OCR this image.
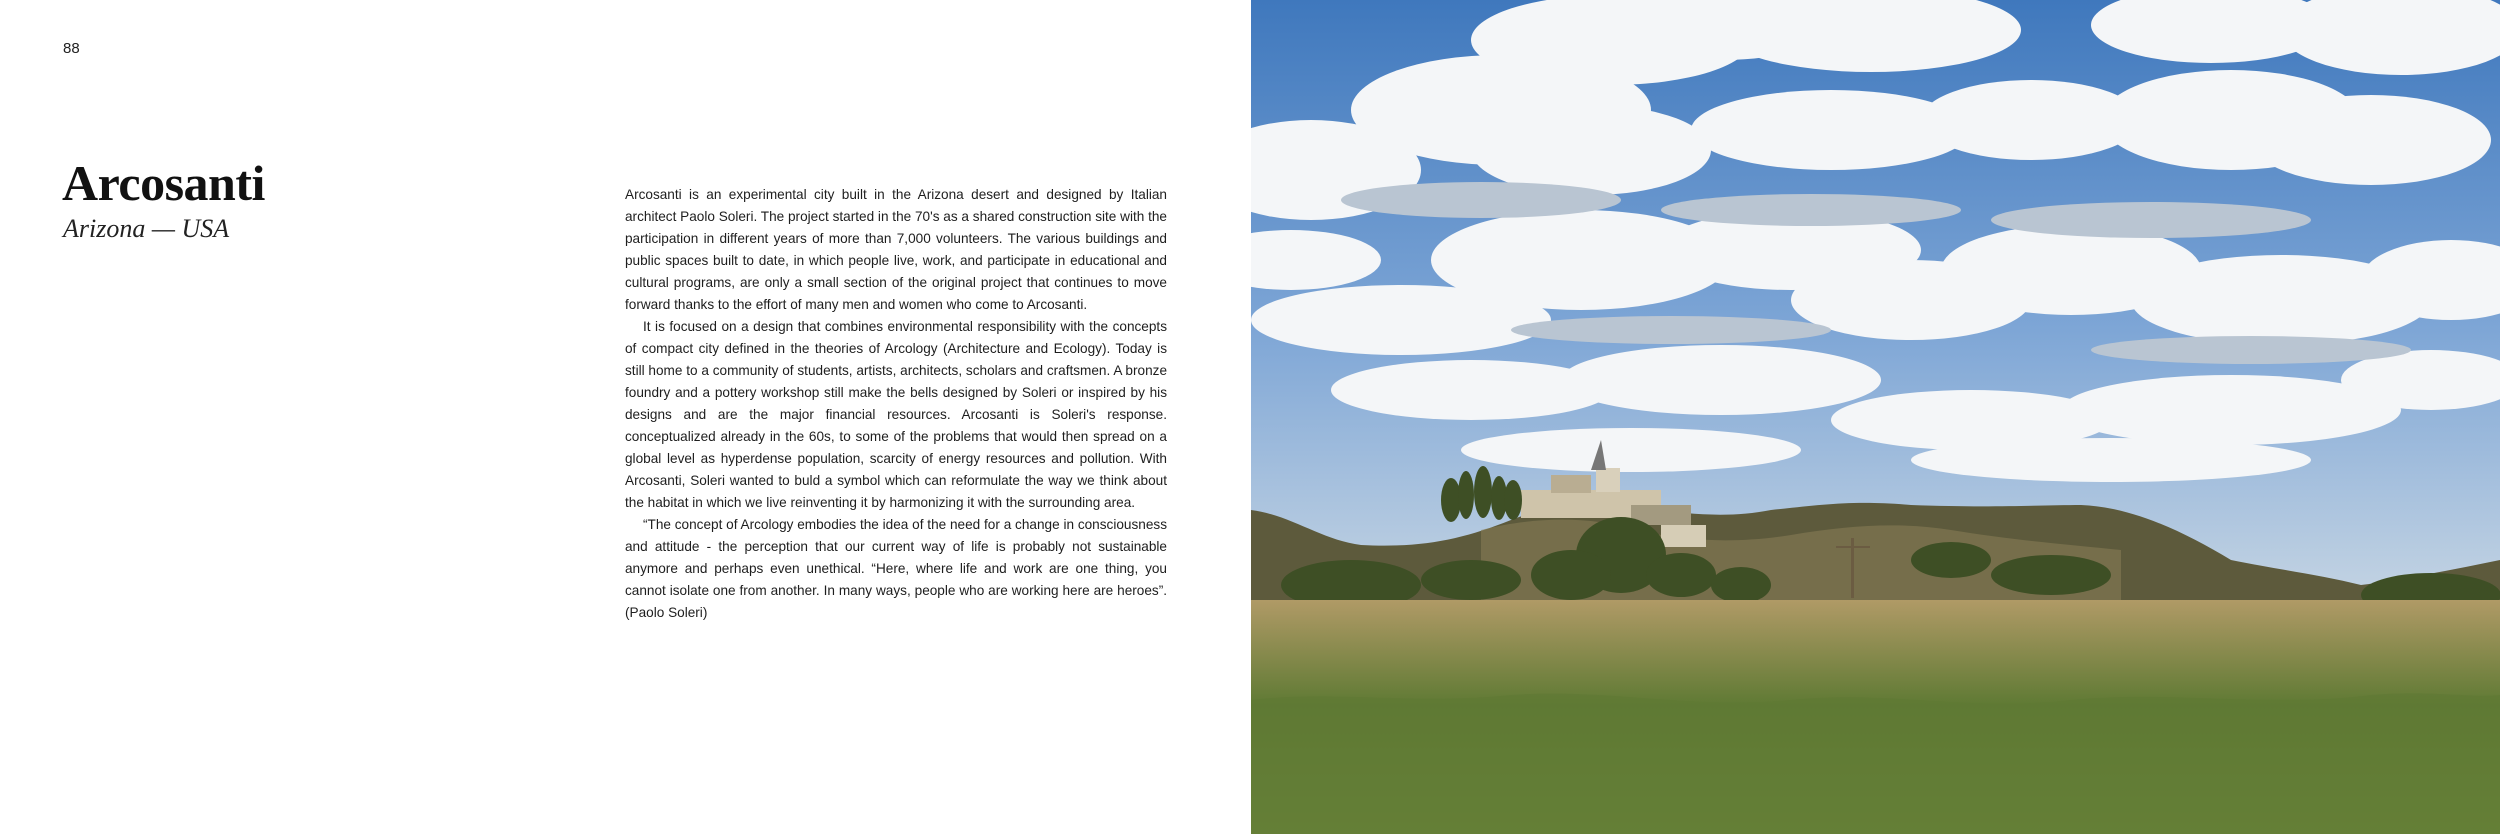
88
Arcosanti
Arizona — USA

Arcosanti is an experimental city built in the Arizona desert and designed by Italian architect Paolo Soleri. The project started in the 70's as a shared construction site with the participation in different years of more than 7,000 volunteers. The various buildings and public spaces built to date, in which people live, work, and participate in educational and cultural programs, are only a small section of the original project that continues to move forward thanks to the effort of many men and women who come to Arcosanti.

It is focused on a design that combines environmental responsibility with the concepts of compact city defined in the theories of Arcology (Architecture and Ecology). Today is still home to a community of students, artists, architects, scholars and craftsmen. A bronze foundry and a pottery workshop still make the bells designed by Soleri or inspired by his designs and are the major financial resources. Arcosanti is Soleri's response. conceptualized already in the 60s, to some of the problems that would then spread on a global level as hyperdense population, scarcity of energy resources and pollution. With Arcosanti, Soleri wanted to buld a symbol which can reformulate the way we think about the habitat in which we live reinventing it by harmonizing it with the surrounding area.

“The concept of Arcology embodies the idea of the need for a change in consciousness and attitude - the perception that our current way of life is probably not sustainable anymore and perhaps even unethical. “Here, where life and work are one thing, you cannot isolate one from another. In many ways, people who are working here are heroes”. (Paolo Soleri)
